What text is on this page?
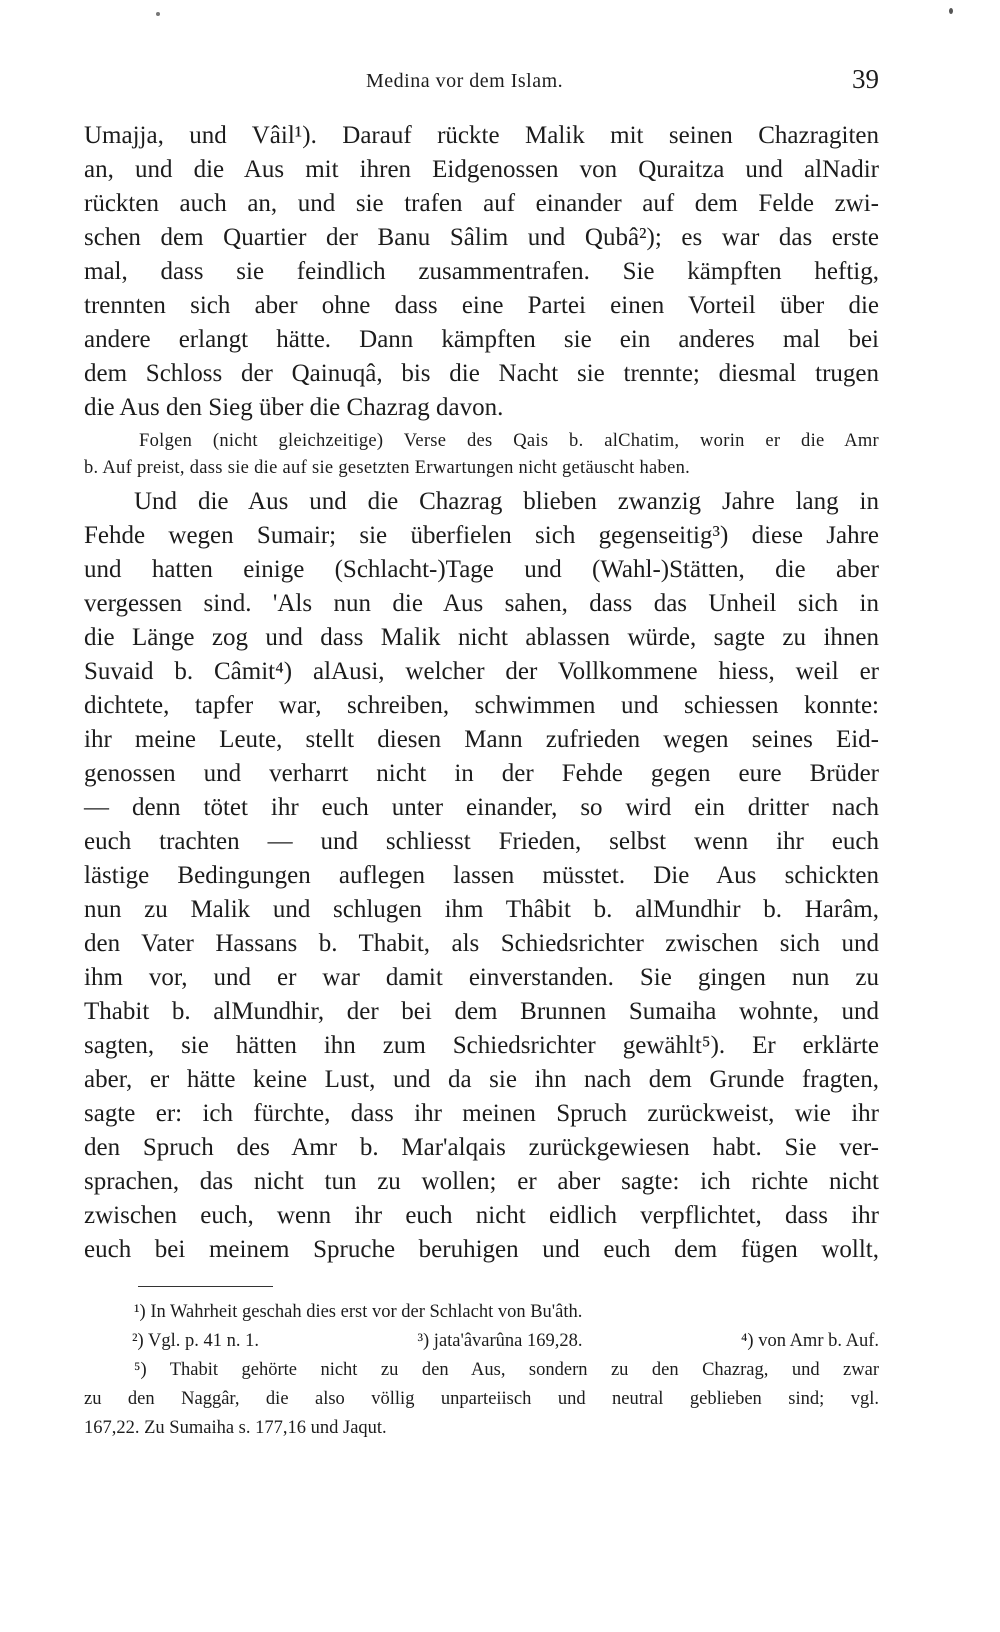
Medina vor dem Islam.	39
Umajja, und Vâil¹). Darauf rückte Malik mit seinen Chazragiten
an, und die Aus mit ihren Eidgenossen von Quraitza und alNadir
rückten auch an, und sie trafen auf einander auf dem Felde zwi-
schen dem Quartier der Banu Sâlim und Qubâ²); es war das erste
mal, dass sie feindlich zusammentrafen. Sie kämpften heftig,
trennten sich aber ohne dass eine Partei einen Vorteil über die
andere erlangt hätte. Dann kämpften sie ein anderes mal bei
dem Schloss der Qainuqâ, bis die Nacht sie trennte; diesmal trugen
die Aus den Sieg über die Chazrag davon.
Folgen (nicht gleichzeitige) Verse des Qais b. alChatim, worin er die Amr
b. Auf preist, dass sie die auf sie gesetzten Erwartungen nicht getäuscht haben.
Und die Aus und die Chazrag blieben zwanzig Jahre lang in
Fehde wegen Sumair; sie überfielen sich gegenseitig³) diese Jahre
und hatten einige (Schlacht-)Tage und (Wahl-)Stätten, die aber
vergessen sind. 'Als nun die Aus sahen, dass das Unheil sich in
die Länge zog und dass Malik nicht ablassen würde, sagte zu ihnen
Suvaid b. Câmit⁴) alAusi, welcher der Vollkommene hiess, weil er
dichtete, tapfer war, schreiben, schwimmen und schiessen konnte:
ihr meine Leute, stellt diesen Mann zufrieden wegen seines Eid-
genossen und verharrt nicht in der Fehde gegen eure Brüder
— denn tötet ihr euch unter einander, so wird ein dritter nach
euch trachten — und schliesst Frieden, selbst wenn ihr euch
lästige Bedingungen auflegen lassen müsstet. Die Aus schickten
nun zu Malik und schlugen ihm Thâbit b. alMundhir b. Harâm,
den Vater Hassans b. Thabit, als Schiedsrichter zwischen sich und
ihm vor, und er war damit einverstanden. Sie gingen nun zu
Thabit b. alMundhir, der bei dem Brunnen Sumaiha wohnte, und
sagten, sie hätten ihn zum Schiedsrichter gewählt⁵). Er erklärte
aber, er hätte keine Lust, und da sie ihn nach dem Grunde fragten,
sagte er: ich fürchte, dass ihr meinen Spruch zurückweist, wie ihr
den Spruch des Amr b. Mar'alqais zurückgewiesen habt. Sie ver-
sprachen, das nicht tun zu wollen; er aber sagte: ich richte nicht
zwischen euch, wenn ihr euch nicht eidlich verpflichtet, dass ihr
euch bei meinem Spruche beruhigen und euch dem fügen wollt,
¹) In Wahrheit geschah dies erst vor der Schlacht von Bu'âth.
²) Vgl. p. 41 n. 1.	³) jata'âvarûna 169,28.	⁴) von Amr b. Auf.
⁵) Thabit gehörte nicht zu den Aus, sondern zu den Chazrag, und zwar
zu den Naggâr, die also völlig unparteiisch und neutral geblieben sind; vgl.
167,22. Zu Sumaiha s. 177,16 und Jaqut.
